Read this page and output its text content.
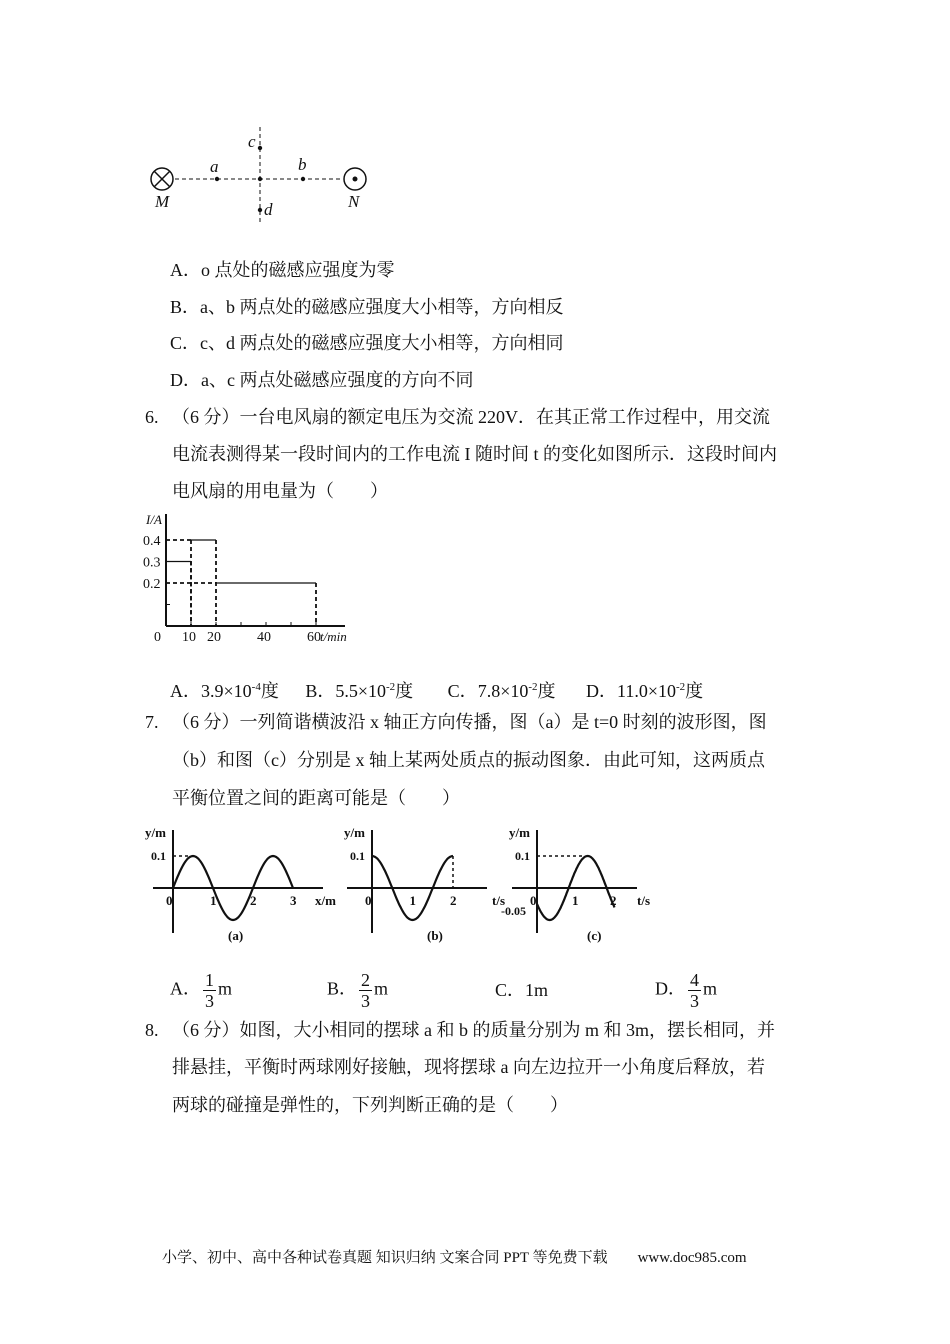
M	N
a	b
c
d
A．o 点处的磁感应强度为零
B．a、b 两点处的磁感应强度大小相等，方向相反
C．c、d 两点处的磁感应强度大小相等，方向相同
D．a、c 两点处磁感应强度的方向不同
6. （6 分）一台电风扇的额定电压为交流 220V．在其正常工作过程中，用交流
电流表测得某一段时间内的工作电流 I 随时间 t 的变化如图所示．这段时间内
电风扇的用电量为（　　）
0 10 20	40	60
0.2
0.3
0.4
I/A
t/min
A．$3.9\times 10^{-4}$度 B．$5.5\times 10^{-2}$度 C．$7.8\times 10^{-2}$度 D．$11.0\times 10^{-2}$度
7. （6 分）一列简谐横波沿 x 轴正方向传播，图（a）是 t=0 时刻的波形图，图
（b）和图（c）分别是 x 轴上某两处质点的振动图象．由此可知，这两质点
平衡位置之间的距离可能是（　　）
y/m
x/m
(a)
0	1	2	3
0.1
y/m
t/s
(b)
0	1	2
0.1
y/m
t/s
(c)
0	1 2
0.1
-0.05
A． $\frac{1}{3}$ m	B． $\frac{2}{3}$ m	C．1m	D． $\frac{4}{3}$ m
8. （6 分）如图，大小相同的摆球 a 和 b 的质量分别为 m 和 3m，摆长相同，并
排悬挂，平衡时两球刚好接触，现将摆球 a 向左边拉开一小角度后释放，若
两球的碰撞是弹性的，下列判断正确的是（　　）
小学、初中、高中各种试卷真题 知识归纳 文案合同 PPT 等免费下载 www.doc985.com
